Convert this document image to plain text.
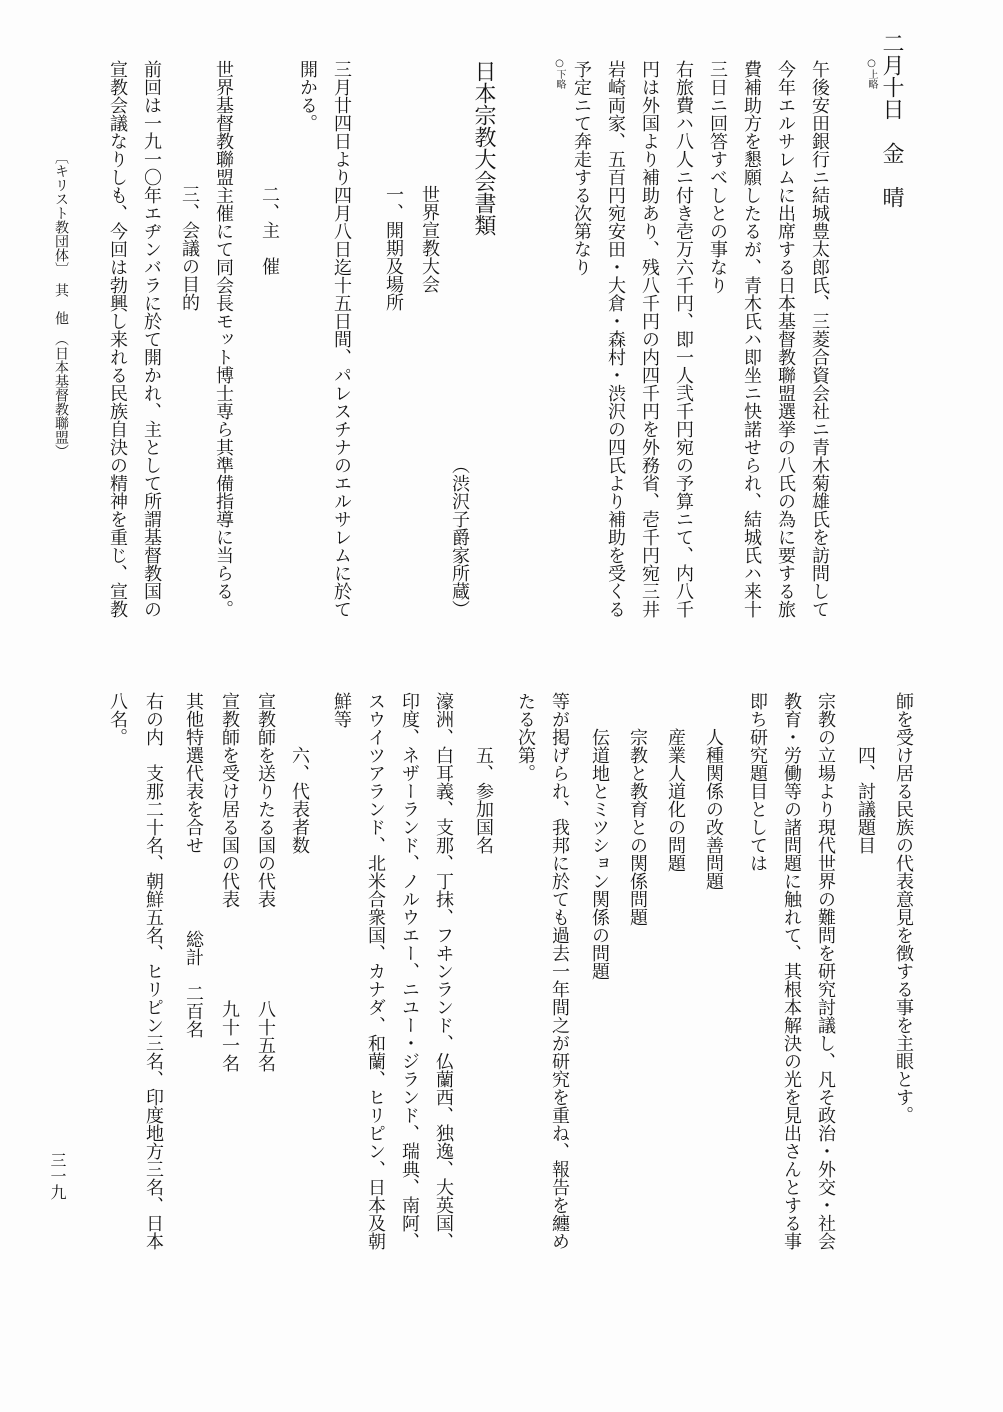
二月十日　金　晴
○上略
午後安田銀行ニ結城豊太郎氏、三菱合資会社ニ青木菊雄氏を訪問して
今年エルサレムに出席する日本基督教聯盟選挙の八氏の為に要する旅
費補助方を懇願したるが、青木氏ハ即坐ニ快諾せられ、結城氏ハ来十
三日ニ回答すべしとの事なり
右旅費ハ八人ニ付き壱万六千円、即一人弐千円宛の予算ニて、内八千
円は外国より補助あり、残八千円の内四千円を外務省、壱千円宛三井
岩崎両家、五百円宛安田・大倉・森村・渋沢の四氏より補助を受くる
予定ニて奔走する次第なり
○下略
日本宗教大会書類
（渋沢子爵家所蔵）
世界宣教大会
一、開期及場所
三月廿四日より四月八日迄十五日間、パレスチナのエルサレムに於て
開かる。
二、主　催
世界基督教聯盟主催にて同会長モット博士専ら其準備指導に当らる。
三、会議の目的
前回は一九一〇年エヂンバラに於て開かれ、主として所謂基督教国の
宣教会議なりしも、今回は勃興し来れる民族自決の精神を重じ、宣教
〔キリスト教団体〕　其　他　（日本基督教聯盟）
師を受け居る民族の代表意見を徴する事を主眼とす。
　　　四、討議題目
宗教の立場より現代世界の難問を研究討議し、凡そ政治・外交・社会
教育・労働等の諸問題に触れて、其根本解決の光を見出さんとする事
即ち研究題目としては
　　人種関係の改善問題
　　産業人道化の問題
　　宗教と教育との関係問題
　　伝道地とミツション関係の問題
等が掲げられ、我邦に於ても過去一年間之が研究を重ね、報告を纏め
たる次第。
　　　五、参加国名
濠洲、白耳義、支那、丁抹、フヰンランド、仏蘭西、独逸、大英国、
印度、ネザーランド、ノルウエー、ニユー・ジランド、瑞典、南阿、
スウイツアランド、北米合衆国、カナダ、和蘭、ヒリピン、日本及朝
鮮等
　　　六、代表者数
宣教師を送りたる国の代表
八十五名
宣教師を受け居る国の代表
九十一名
其他特選代表を合せ
総計　二百名
右の内　支那二十名、朝鮮五名、ヒリピン三名、印度地方三名、日本
八名。
三一九
